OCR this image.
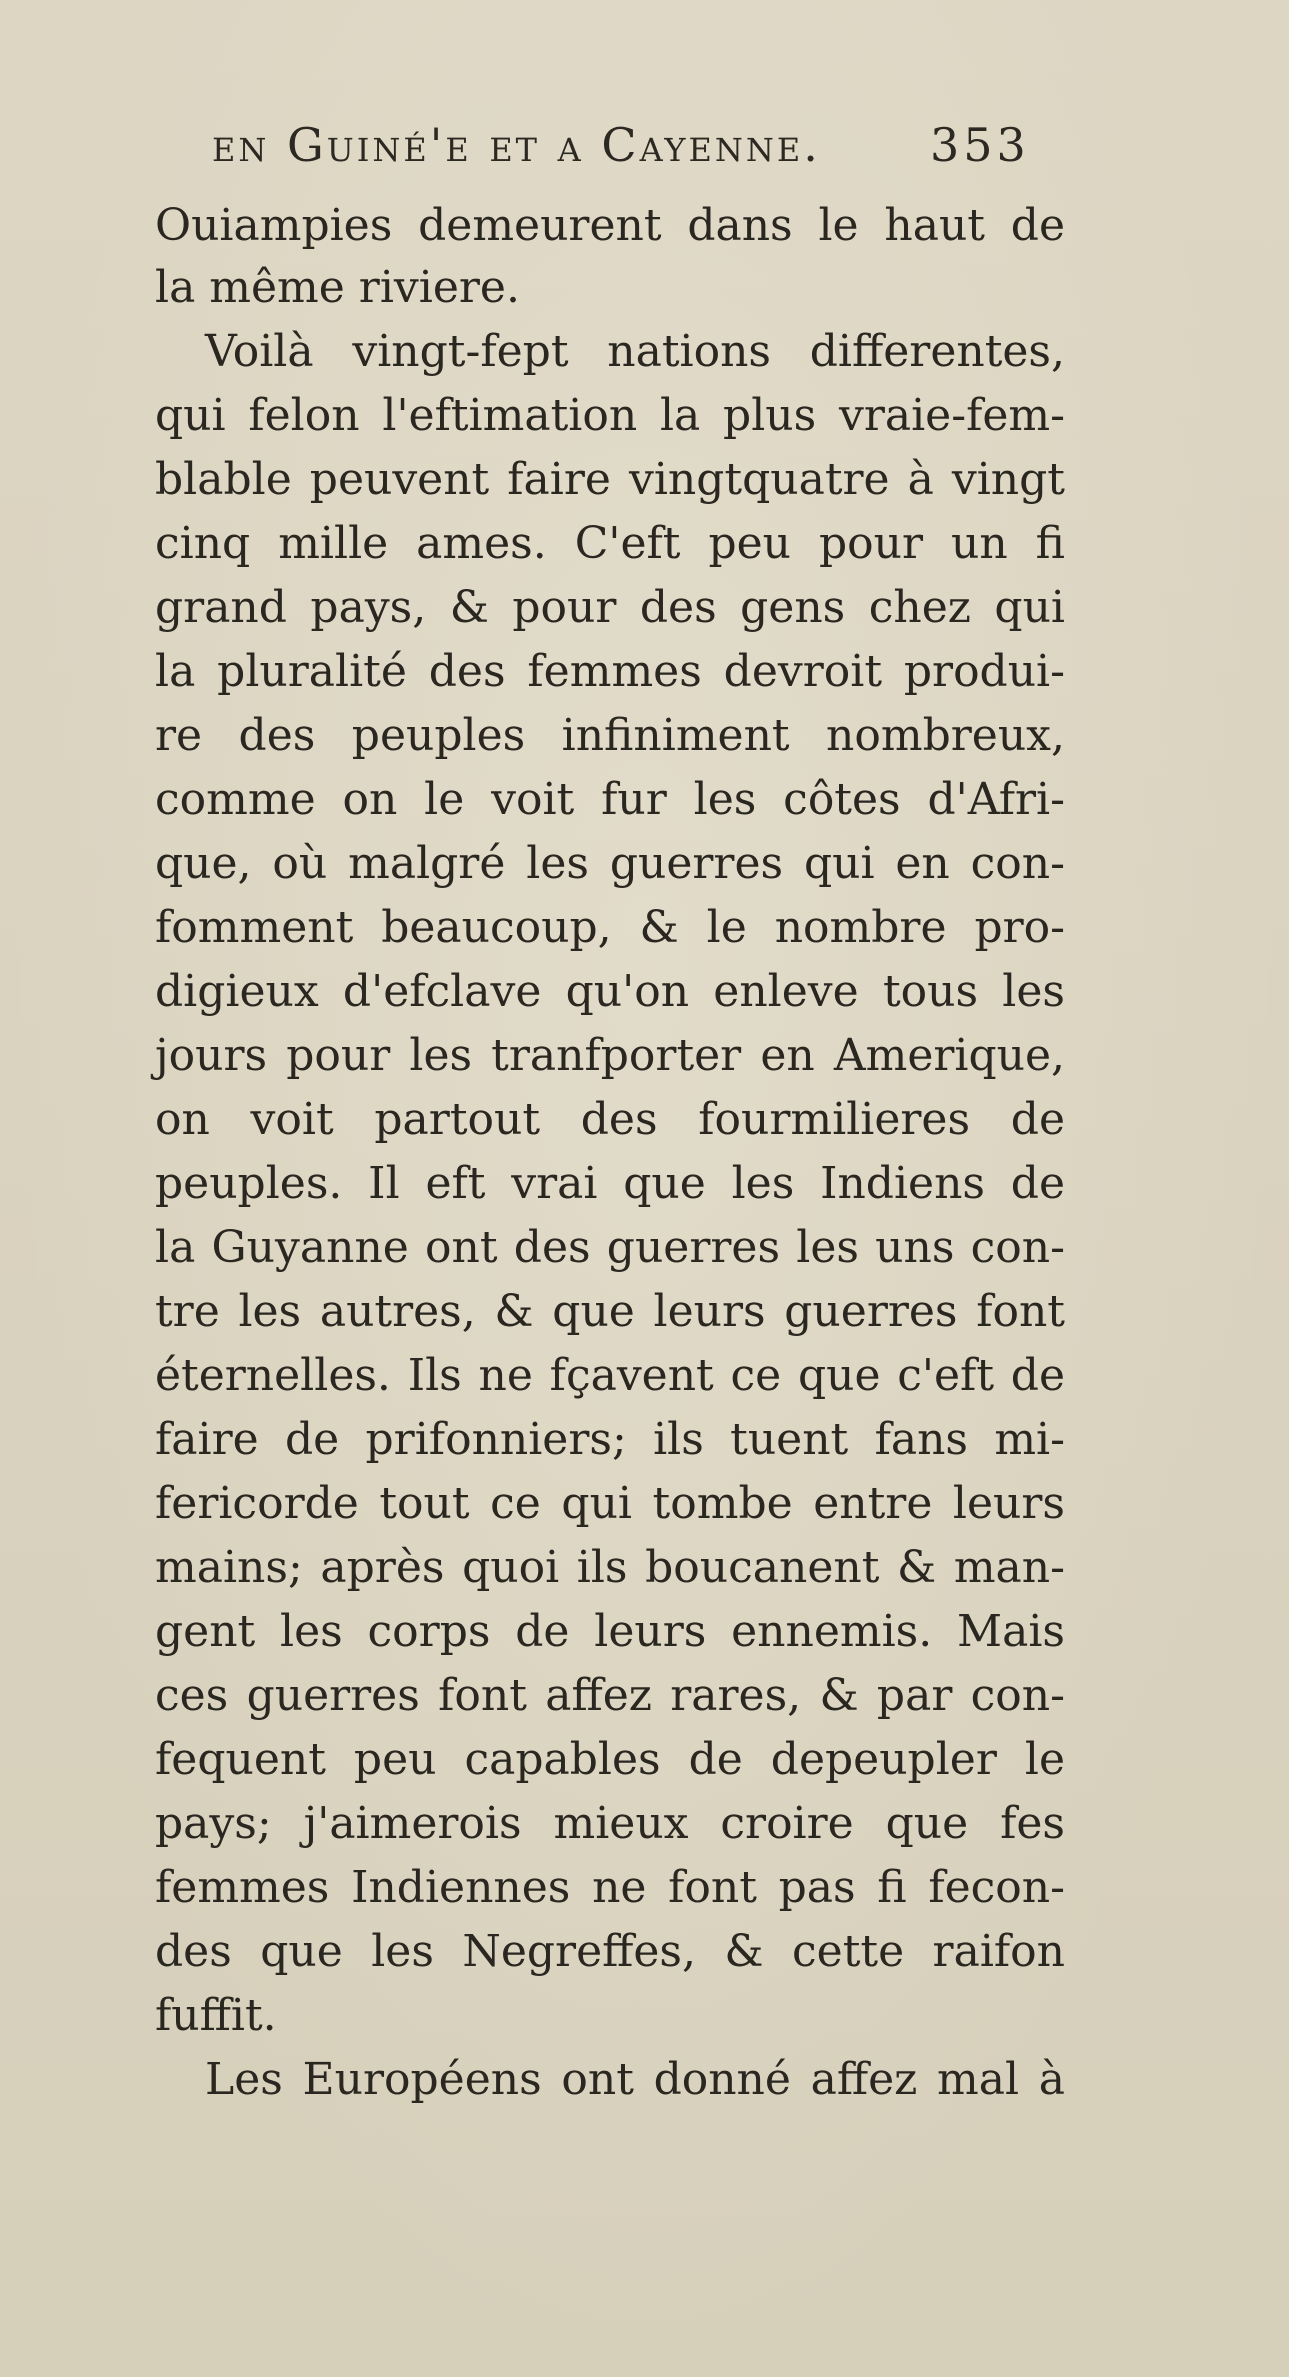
en Guiné'e et a Cayenne. 353
Ouiampies demeurent dans le haut de
la même riviere.
Voilà vingt-fept nations differentes,
qui felon l'eftimation la plus vraie-fem-
blable peuvent faire vingtquatre à vingt
cinq mille ames. C'eft peu pour un fi
grand pays, & pour des gens chez qui
la pluralité des femmes devroit produi-
re des peuples infiniment nombreux,
comme on le voit fur les côtes d'Afri-
que, où malgré les guerres qui en con-
fomment beaucoup, & le nombre pro-
digieux d'efclave qu'on enleve tous les
jours pour les tranfporter en Amerique,
on voit partout des fourmilieres de
peuples. Il eft vrai que les Indiens de
la Guyanne ont des guerres les uns con-
tre les autres, & que leurs guerres font
éternelles. Ils ne fçavent ce que c'eft de
faire de prifonniers; ils tuent fans mi-
fericorde tout ce qui tombe entre leurs
mains; après quoi ils boucanent & man-
gent les corps de leurs ennemis. Mais
ces guerres font affez rares, & par con-
fequent peu capables de depeupler le
pays; j'aimerois mieux croire que fes
femmes Indiennes ne font pas fi fecon-
des que les Negreffes, & cette raifon
fuffit.
Les Européens ont donné affez mal à
